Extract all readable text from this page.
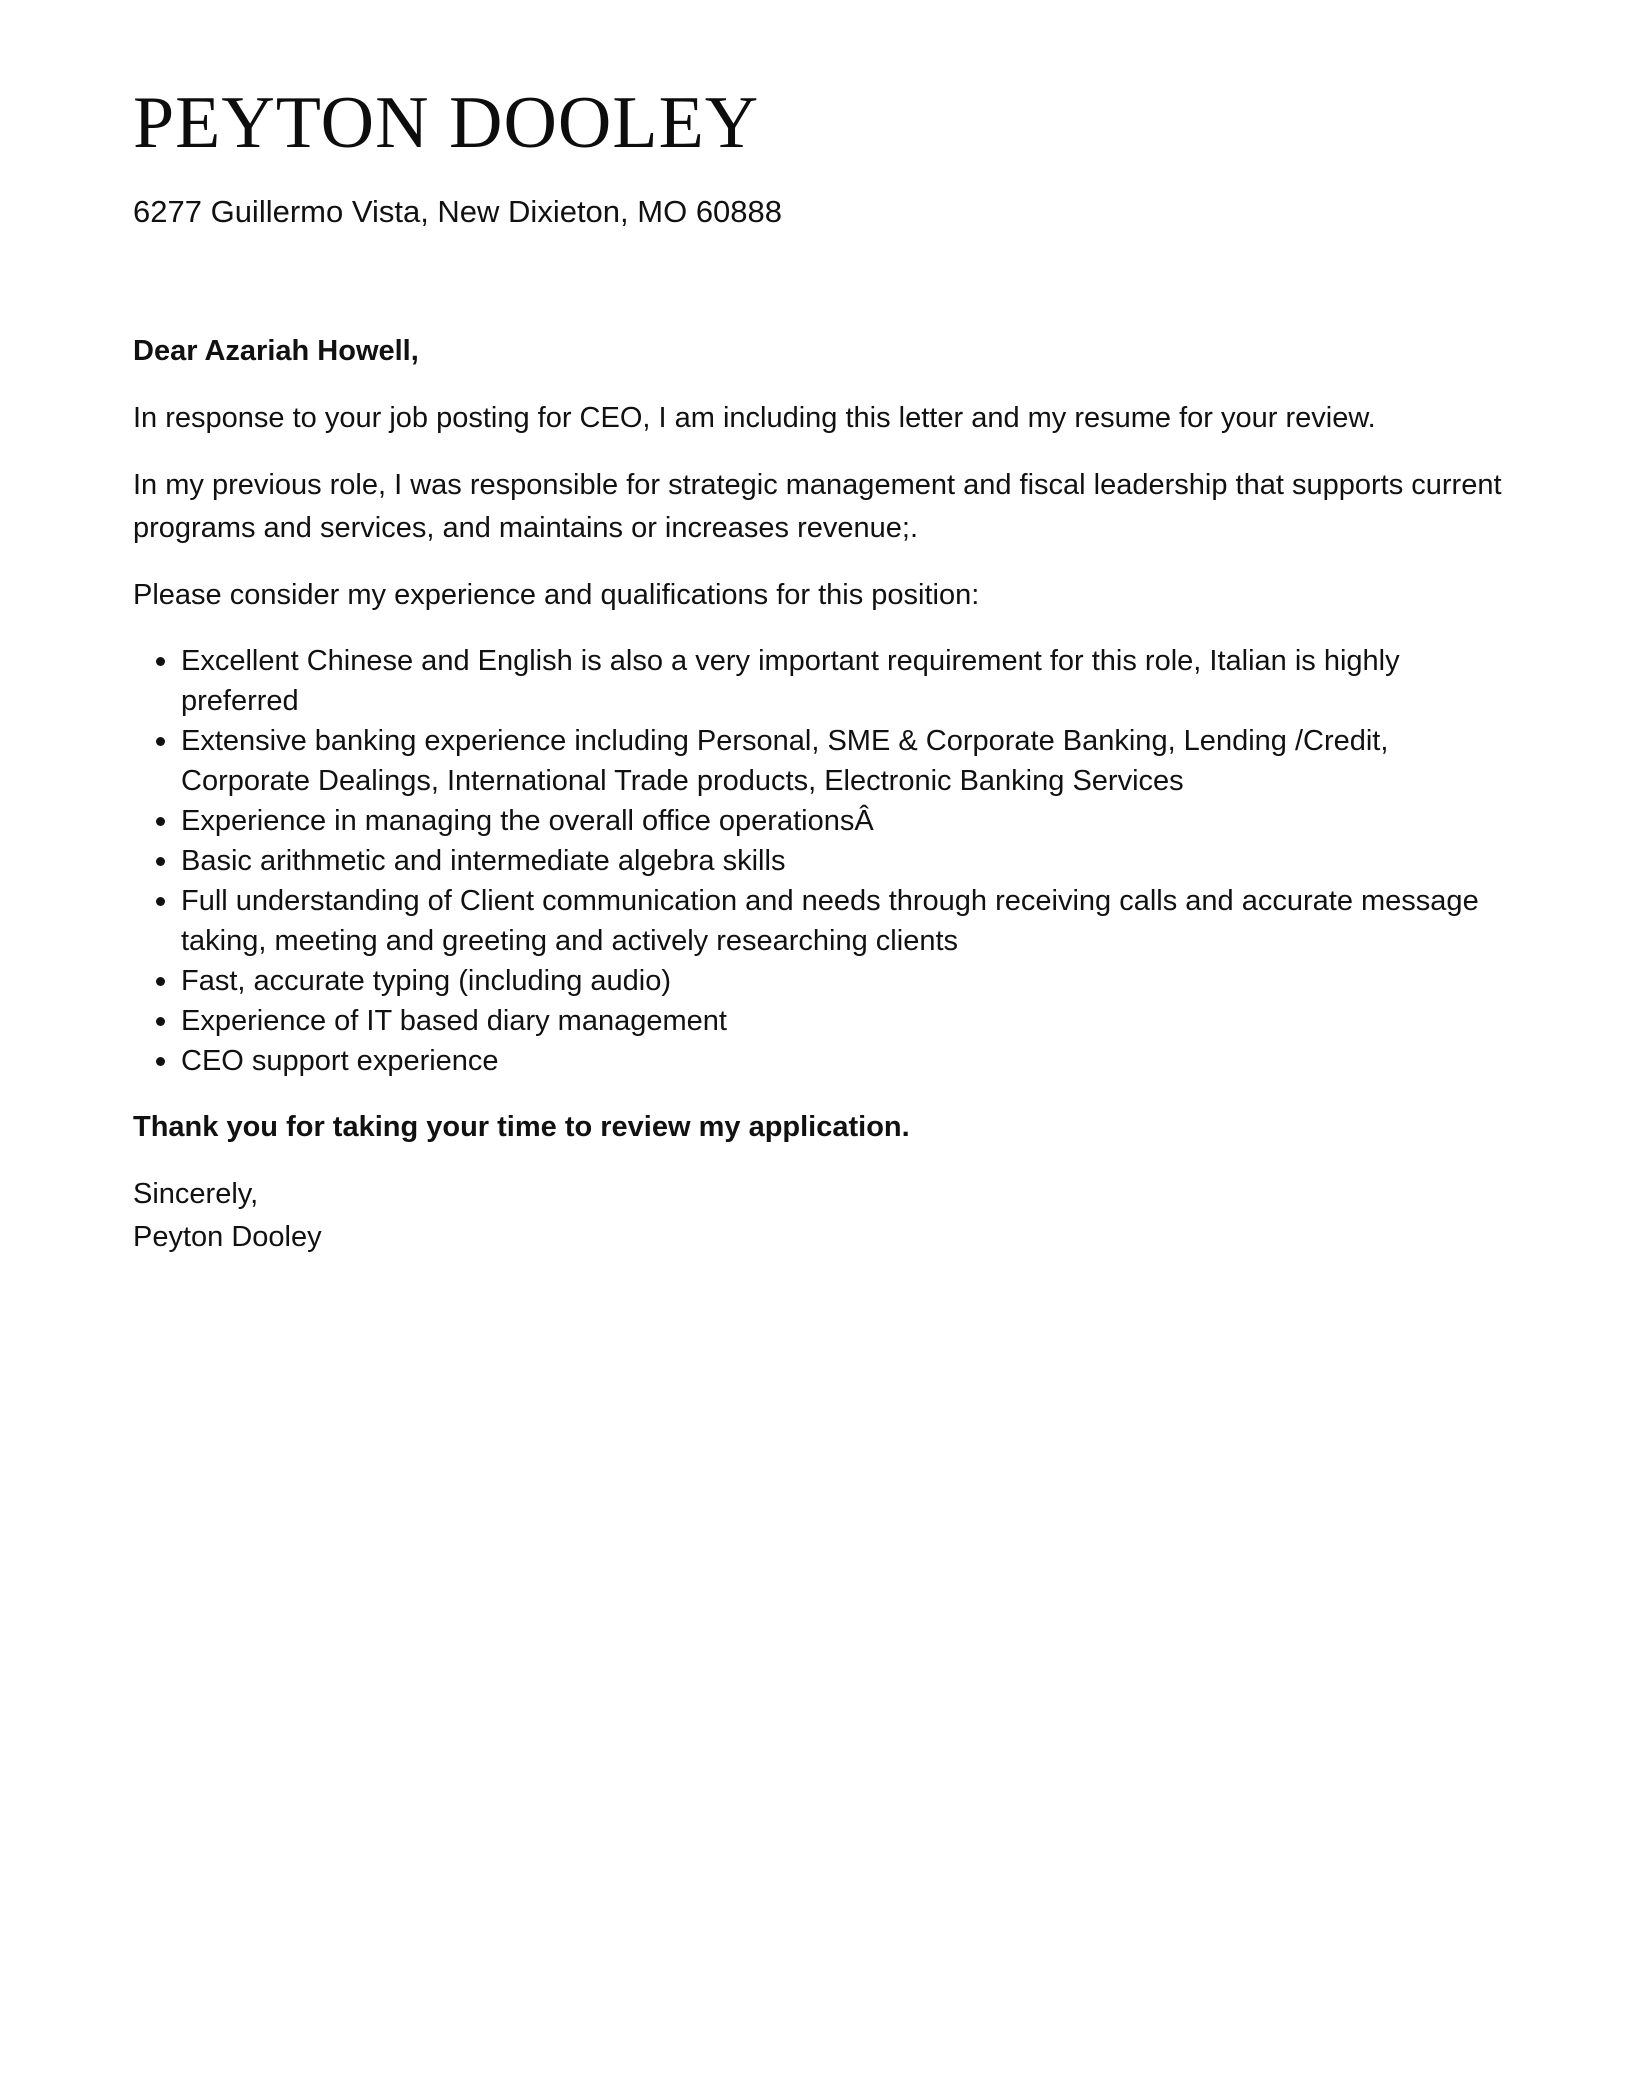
PEYTON DOOLEY
6277 Guillermo Vista, New Dixieton, MO 60888

Dear Azariah Howell,

In response to your job posting for CEO, I am including this letter and my resume for your review.

In my previous role, I was responsible for strategic management and fiscal leadership that supports current programs and services, and maintains or increases revenue;.

Please consider my experience and qualifications for this position:

Excellent Chinese and English is also a very important requirement for this role, Italian is highly preferred
Extensive banking experience including Personal, SME & Corporate Banking, Lending /Credit, Corporate Dealings, International Trade products, Electronic Banking Services
Experience in managing the overall office operationsÂ
Basic arithmetic and intermediate algebra skills
Full understanding of Client communication and needs through receiving calls and accurate message taking, meeting and greeting and actively researching clients
Fast, accurate typing (including audio)
Experience of IT based diary management
CEO support experience

Thank you for taking your time to review my application.

Sincerely,
Peyton Dooley
